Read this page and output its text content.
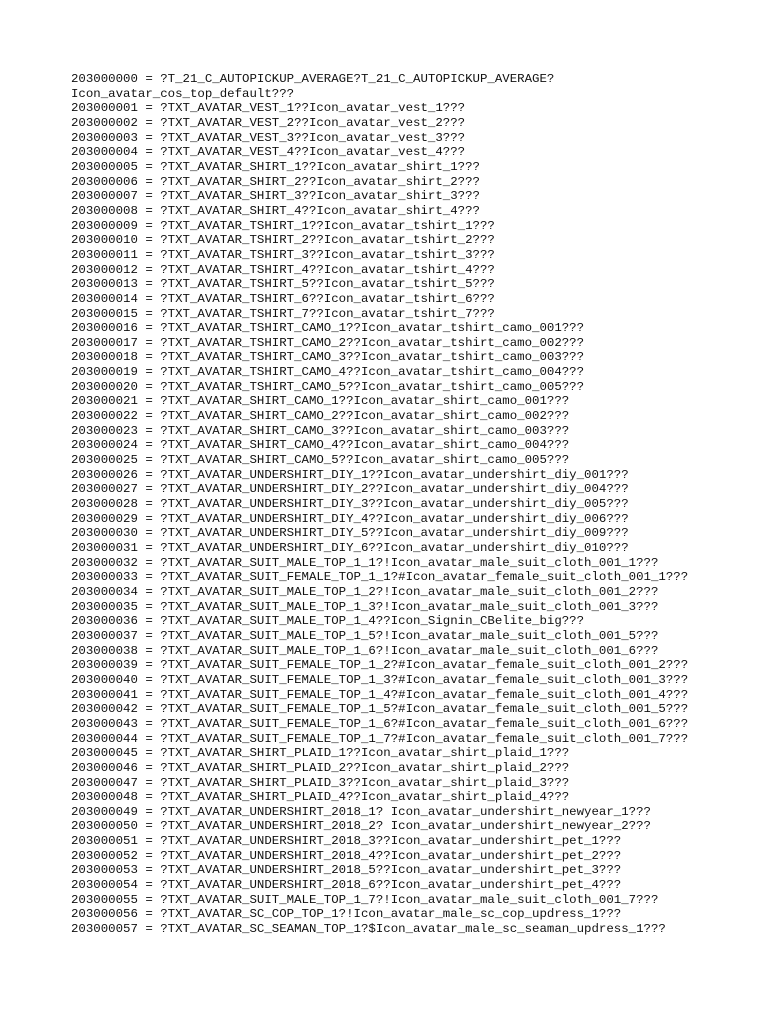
203000000 = ?T_21_C_AUTOPICKUP_AVERAGE?T_21_C_AUTOPICKUP_AVERAGE?

Icon_avatar_cos_top_default???

203000001 = ?TXT_AVATAR_VEST_1??Icon_avatar_vest_1???

203000002 = ?TXT_AVATAR_VEST_2??Icon_avatar_vest_2???

203000003 = ?TXT_AVATAR_VEST_3??Icon_avatar_vest_3???

203000004 = ?TXT_AVATAR_VEST_4??Icon_avatar_vest_4???

203000005 = ?TXT_AVATAR_SHIRT_1??Icon_avatar_shirt_1???

203000006 = ?TXT_AVATAR_SHIRT_2??Icon_avatar_shirt_2???

203000007 = ?TXT_AVATAR_SHIRT_3??Icon_avatar_shirt_3???

203000008 = ?TXT_AVATAR_SHIRT_4??Icon_avatar_shirt_4???

203000009 = ?TXT_AVATAR_TSHIRT_1??Icon_avatar_tshirt_1???

203000010 = ?TXT_AVATAR_TSHIRT_2??Icon_avatar_tshirt_2???

203000011 = ?TXT_AVATAR_TSHIRT_3??Icon_avatar_tshirt_3???

203000012 = ?TXT_AVATAR_TSHIRT_4??Icon_avatar_tshirt_4???

203000013 = ?TXT_AVATAR_TSHIRT_5??Icon_avatar_tshirt_5???

203000014 = ?TXT_AVATAR_TSHIRT_6??Icon_avatar_tshirt_6???

203000015 = ?TXT_AVATAR_TSHIRT_7??Icon_avatar_tshirt_7???

203000016 = ?TXT_AVATAR_TSHIRT_CAMO_1??Icon_avatar_tshirt_camo_001???

203000017 = ?TXT_AVATAR_TSHIRT_CAMO_2??Icon_avatar_tshirt_camo_002???

203000018 = ?TXT_AVATAR_TSHIRT_CAMO_3??Icon_avatar_tshirt_camo_003???

203000019 = ?TXT_AVATAR_TSHIRT_CAMO_4??Icon_avatar_tshirt_camo_004???

203000020 = ?TXT_AVATAR_TSHIRT_CAMO_5??Icon_avatar_tshirt_camo_005???

203000021 = ?TXT_AVATAR_SHIRT_CAMO_1??Icon_avatar_shirt_camo_001???

203000022 = ?TXT_AVATAR_SHIRT_CAMO_2??Icon_avatar_shirt_camo_002???

203000023 = ?TXT_AVATAR_SHIRT_CAMO_3??Icon_avatar_shirt_camo_003???

203000024 = ?TXT_AVATAR_SHIRT_CAMO_4??Icon_avatar_shirt_camo_004???

203000025 = ?TXT_AVATAR_SHIRT_CAMO_5??Icon_avatar_shirt_camo_005???

203000026 = ?TXT_AVATAR_UNDERSHIRT_DIY_1??Icon_avatar_undershirt_diy_001???

203000027 = ?TXT_AVATAR_UNDERSHIRT_DIY_2??Icon_avatar_undershirt_diy_004???

203000028 = ?TXT_AVATAR_UNDERSHIRT_DIY_3??Icon_avatar_undershirt_diy_005???

203000029 = ?TXT_AVATAR_UNDERSHIRT_DIY_4??Icon_avatar_undershirt_diy_006???

203000030 = ?TXT_AVATAR_UNDERSHIRT_DIY_5??Icon_avatar_undershirt_diy_009???

203000031 = ?TXT_AVATAR_UNDERSHIRT_DIY_6??Icon_avatar_undershirt_diy_010???

203000032 = ?TXT_AVATAR_SUIT_MALE_TOP_1_1?!Icon_avatar_male_suit_cloth_001_1???

203000033 = ?TXT_AVATAR_SUIT_FEMALE_TOP_1_1?#Icon_avatar_female_suit_cloth_001_1???

203000034 = ?TXT_AVATAR_SUIT_MALE_TOP_1_2?!Icon_avatar_male_suit_cloth_001_2???

203000035 = ?TXT_AVATAR_SUIT_MALE_TOP_1_3?!Icon_avatar_male_suit_cloth_001_3???

203000036 = ?TXT_AVATAR_SUIT_MALE_TOP_1_4??Icon_Signin_CBelite_big???

203000037 = ?TXT_AVATAR_SUIT_MALE_TOP_1_5?!Icon_avatar_male_suit_cloth_001_5???

203000038 = ?TXT_AVATAR_SUIT_MALE_TOP_1_6?!Icon_avatar_male_suit_cloth_001_6???

203000039 = ?TXT_AVATAR_SUIT_FEMALE_TOP_1_2?#Icon_avatar_female_suit_cloth_001_2???

203000040 = ?TXT_AVATAR_SUIT_FEMALE_TOP_1_3?#Icon_avatar_female_suit_cloth_001_3???

203000041 = ?TXT_AVATAR_SUIT_FEMALE_TOP_1_4?#Icon_avatar_female_suit_cloth_001_4???

203000042 = ?TXT_AVATAR_SUIT_FEMALE_TOP_1_5?#Icon_avatar_female_suit_cloth_001_5???

203000043 = ?TXT_AVATAR_SUIT_FEMALE_TOP_1_6?#Icon_avatar_female_suit_cloth_001_6???

203000044 = ?TXT_AVATAR_SUIT_FEMALE_TOP_1_7?#Icon_avatar_female_suit_cloth_001_7???

203000045 = ?TXT_AVATAR_SHIRT_PLAID_1??Icon_avatar_shirt_plaid_1???

203000046 = ?TXT_AVATAR_SHIRT_PLAID_2??Icon_avatar_shirt_plaid_2???

203000047 = ?TXT_AVATAR_SHIRT_PLAID_3??Icon_avatar_shirt_plaid_3???

203000048 = ?TXT_AVATAR_SHIRT_PLAID_4??Icon_avatar_shirt_plaid_4???

203000049 = ?TXT_AVATAR_UNDERSHIRT_2018_1? Icon_avatar_undershirt_newyear_1???

203000050 = ?TXT_AVATAR_UNDERSHIRT_2018_2? Icon_avatar_undershirt_newyear_2???

203000051 = ?TXT_AVATAR_UNDERSHIRT_2018_3??Icon_avatar_undershirt_pet_1???

203000052 = ?TXT_AVATAR_UNDERSHIRT_2018_4??Icon_avatar_undershirt_pet_2???

203000053 = ?TXT_AVATAR_UNDERSHIRT_2018_5??Icon_avatar_undershirt_pet_3???

203000054 = ?TXT_AVATAR_UNDERSHIRT_2018_6??Icon_avatar_undershirt_pet_4???

203000055 = ?TXT_AVATAR_SUIT_MALE_TOP_1_7?!Icon_avatar_male_suit_cloth_001_7???

203000056 = ?TXT_AVATAR_SC_COP_TOP_1?!Icon_avatar_male_sc_cop_updress_1???

203000057 = ?TXT_AVATAR_SC_SEAMAN_TOP_1?$Icon_avatar_male_sc_seaman_updress_1???
